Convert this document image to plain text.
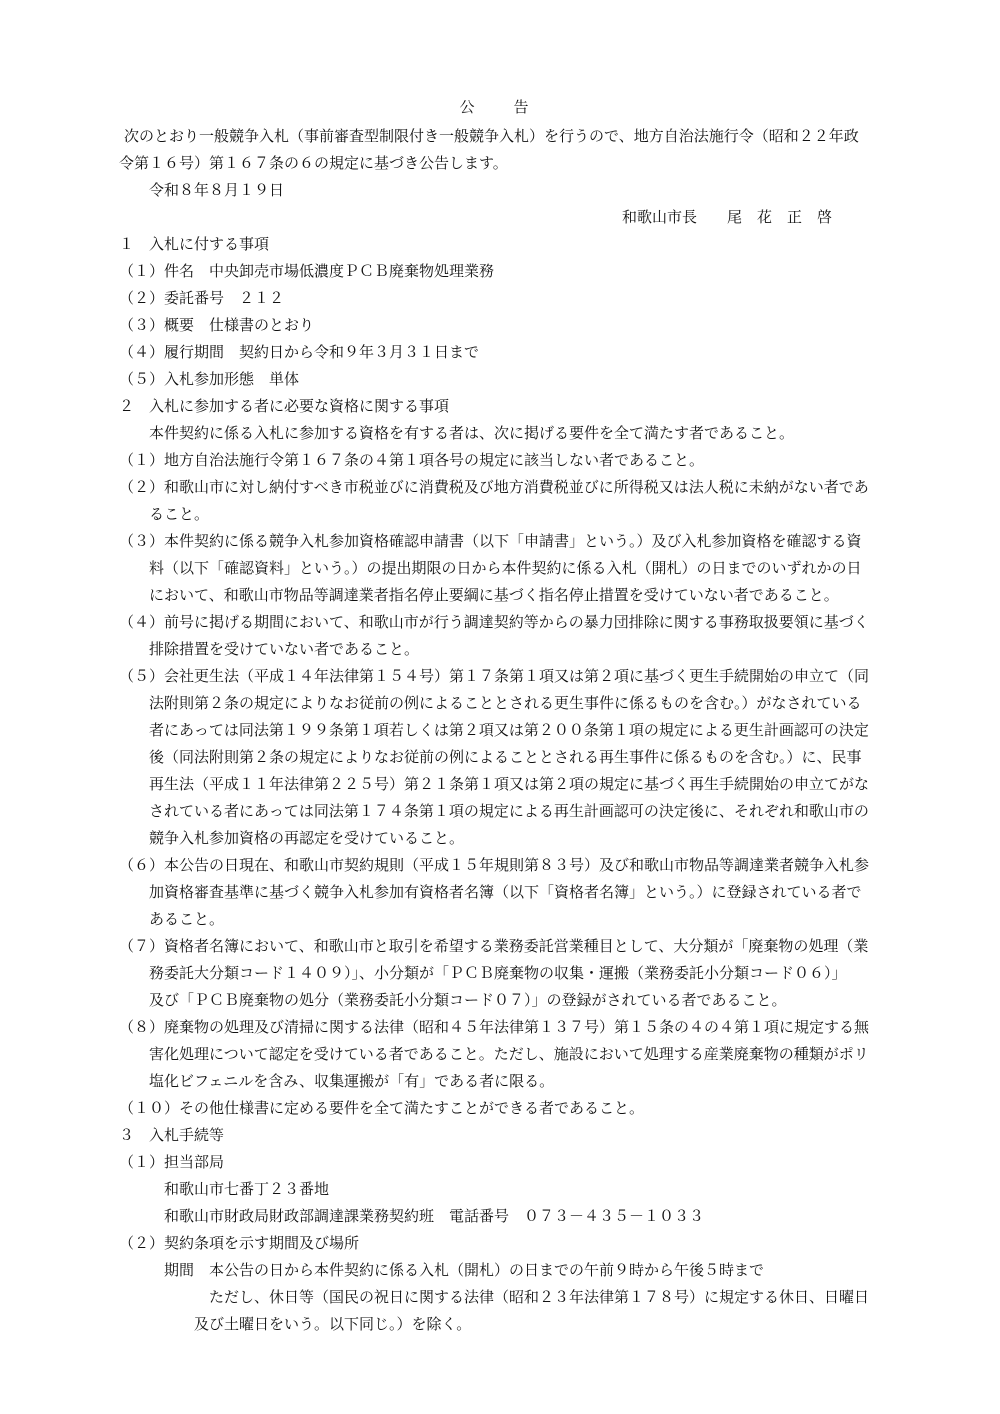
公　告
次のとおり一般競争入札（事前審査型制限付き一般競争入札）を行うので、地方自治法施行令（昭和２２年政
令第１６号）第１６７条の６の規定に基づき公告します。
令和８年８月１９日
和歌山市長　　尾　花　正　啓
１　入札に付する事項
（１）件名　中央卸売市場低濃度ＰＣＢ廃棄物処理業務
（２）委託番号　２１２
（３）概要　仕様書のとおり
（４）履行期間　契約日から令和９年３月３１日まで
（５）入札参加形態　単体
２　入札に参加する者に必要な資格に関する事項
本件契約に係る入札に参加する資格を有する者は、次に掲げる要件を全て満たす者であること。
（１）地方自治法施行令第１６７条の４第１項各号の規定に該当しない者であること。
（２）和歌山市に対し納付すべき市税並びに消費税及び地方消費税並びに所得税又は法人税に未納がない者であ
ること。
（３）本件契約に係る競争入札参加資格確認申請書（以下「申請書」という。）及び入札参加資格を確認する資
料（以下「確認資料」という。）の提出期限の日から本件契約に係る入札（開札）の日までのいずれかの日
において、和歌山市物品等調達業者指名停止要綱に基づく指名停止措置を受けていない者であること。
（４）前号に掲げる期間において、和歌山市が行う調達契約等からの暴力団排除に関する事務取扱要領に基づく
排除措置を受けていない者であること。
（５）会社更生法（平成１４年法律第１５４号）第１７条第１項又は第２項に基づく更生手続開始の申立て（同
法附則第２条の規定によりなお従前の例によることとされる更生事件に係るものを含む。）がなされている
者にあっては同法第１９９条第１項若しくは第２項又は第２００条第１項の規定による更生計画認可の決定
後（同法附則第２条の規定によりなお従前の例によることとされる再生事件に係るものを含む。）に、民事
再生法（平成１１年法律第２２５号）第２１条第１項又は第２項の規定に基づく再生手続開始の申立てがな
されている者にあっては同法第１７４条第１項の規定による再生計画認可の決定後に、それぞれ和歌山市の
競争入札参加資格の再認定を受けていること。
（６）本公告の日現在、和歌山市契約規則（平成１５年規則第８３号）及び和歌山市物品等調達業者競争入札参
加資格審査基準に基づく競争入札参加有資格者名簿（以下「資格者名簿」という。）に登録されている者で
あること。
（７）資格者名簿において、和歌山市と取引を希望する業務委託営業種目として、大分類が「廃棄物の処理（業
務委託大分類コード１４０９）」、小分類が「ＰＣＢ廃棄物の収集・運搬（業務委託小分類コード０６）」
及び「ＰＣＢ廃棄物の処分（業務委託小分類コード０７）」の登録がされている者であること。
（８）廃棄物の処理及び清掃に関する法律（昭和４５年法律第１３７号）第１５条の４の４第１項に規定する無
害化処理について認定を受けている者であること。ただし、施設において処理する産業廃棄物の種類がポリ
塩化ビフェニルを含み、収集運搬が「有」である者に限る。
（１０）その他仕様書に定める要件を全て満たすことができる者であること。
３　入札手続等
（１）担当部局
和歌山市七番丁２３番地
和歌山市財政局財政部調達課業務契約班　電話番号　０７３－４３５－１０３３
（２）契約条項を示す期間及び場所
期間　本公告の日から本件契約に係る入札（開札）の日までの午前９時から午後５時まで
ただし、休日等（国民の祝日に関する法律（昭和２３年法律第１７８号）に規定する休日、日曜日
及び土曜日をいう。以下同じ。）を除く。
